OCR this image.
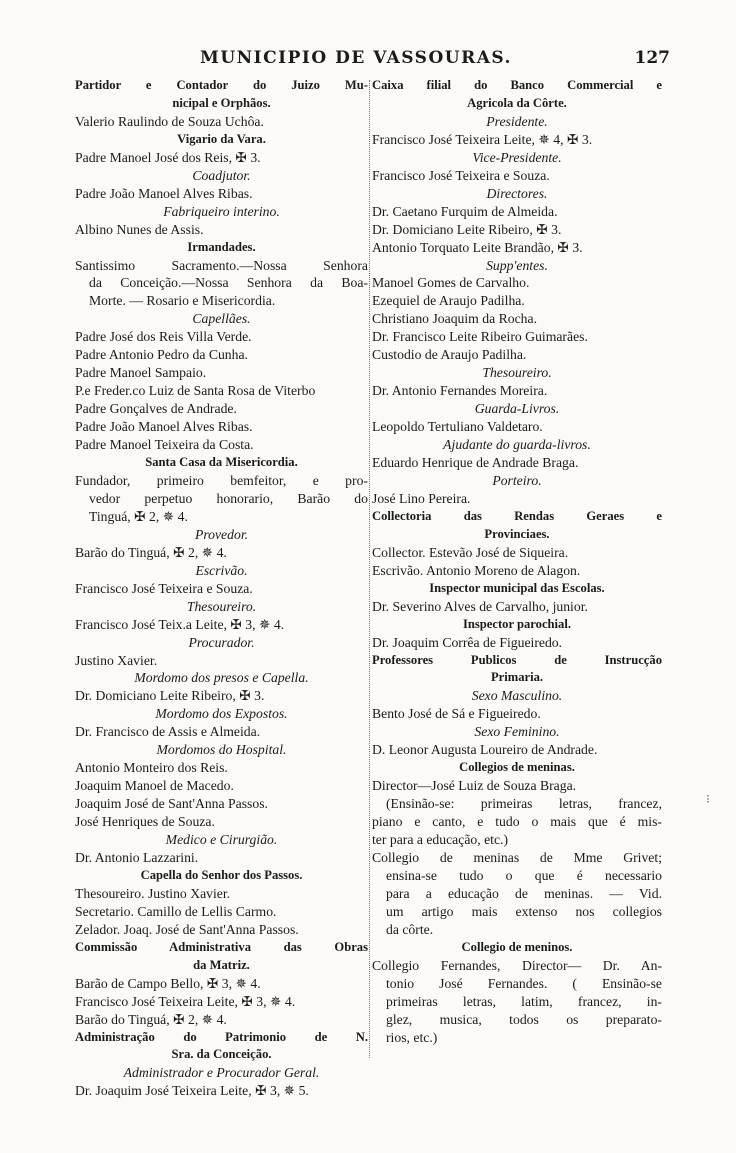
MUNICIPIO DE VASSOURAS.	127
Partidor e Contador do Juizo Mu-
nicipal e Orphãos.
Valerio Raulindo de Souza Uchôa.
Vigario da Vara.
Padre Manoel José dos Reis, ✠ 3.
Coadjutor.
Padre João Manoel Alves Ribas.
Fabriqueiro interino.
Albino Nunes de Assis.
Irmandades.
Santissimo Sacramento.—Nossa Senhora
da Conceição.—Nossa Senhora da Boa-
Morte. — Rosario e Misericordia.
Capellães.
Padre José dos Reis Villa Verde.
Padre Antonio Pedro da Cunha.
Padre Manoel Sampaio.
P.e Freder.co Luiz de Santa Rosa de Viterbo
Padre Gonçalves de Andrade.
Padre João Manoel Alves Ribas.
Padre Manoel Teixeira da Costa.
Santa Casa da Misericordia.
Fundador, primeiro bemfeitor, e pro-
vedor perpetuo honorario, Barão do
Tinguá, ✠ 2, ✵ 4.
Provedor.
Barão do Tinguá, ✠ 2, ✵ 4.
Escrivão.
Francisco José Teixeira e Souza.
Thesoureiro.
Francisco José Teix.a Leite, ✠ 3, ✵ 4.
Procurador.
Justino Xavier.
Mordomo dos presos e Capella.
Dr. Domiciano Leite Ribeiro, ✠ 3.
Mordomo dos Expostos.
Dr. Francisco de Assis e Almeida.
Mordomos do Hospital.
Antonio Monteiro dos Reis.
Joaquim Manoel de Macedo.
Joaquim José de Sant'Anna Passos.
José Henriques de Souza.
Medico e Cirurgião.
Dr. Antonio Lazzarini.
Capella do Senhor dos Passos.
Thesoureiro. Justino Xavier.
Secretario. Camillo de Lellis Carmo.
Zelador. Joaq. José de Sant'Anna Passos.
Commissão Administrativa das Obras
da Matriz.
Barão de Campo Bello, ✠ 3, ✵ 4.
Francisco José Teixeira Leite, ✠ 3, ✵ 4.
Barão do Tinguá, ✠ 2, ✵ 4.
Administração do Patrimonio de N.
Sra. da Conceição.
Administrador e Procurador Geral.
Dr. Joaquim José Teixeira Leite, ✠ 3, ✵ 5.
Caixa filial do Banco Commercial e
Agricola da Côrte.
Presidente.
Francisco José Teixeira Leite, ✵ 4, ✠ 3.
Vice-Presidente.
Francisco José Teixeira e Souza.
Directores.
Dr. Caetano Furquim de Almeida.
Dr. Domiciano Leite Ribeiro, ✠ 3.
Antonio Torquato Leite Brandão, ✠ 3.
Supp'entes.
Manoel Gomes de Carvalho.
Ezequiel de Araujo Padilha.
Christiano Joaquim da Rocha.
Dr. Francisco Leite Ribeiro Guimarães.
Custodio de Araujo Padilha.
Thesoureiro.
Dr. Antonio Fernandes Moreira.
Guarda-Livros.
Leopoldo Tertuliano Valdetaro.
Ajudante do guarda-livros.
Eduardo Henrique de Andrade Braga.
Porteiro.
José Lino Pereira.
Collectoria das Rendas Geraes e
Provinciaes.
Collector. Estevão José de Siqueira.
Escrivão. Antonio Moreno de Alagon.
Inspector municipal das Escolas.
Dr. Severino Alves de Carvalho, junior.
Inspector parochial.
Dr. Joaquim Corrêa de Figueiredo.
Professores Publicos de Instrucção
Primaria.
Sexo Masculino.
Bento José de Sá e Figueiredo.
Sexo Feminino.
D. Leonor Augusta Loureiro de Andrade.
Collegios de meninas.
Director—José Luiz de Souza Braga.
(Ensinão-se: primeiras letras, francez,
piano e canto, e tudo o mais que é mis-
ter para a educação, etc.)
Collegio de meninas de Mme Grivet;
ensina-se tudo o que é necessario
para a educação de meninas. — Vid.
um artigo mais extenso nos collegios
da côrte.
Collegio de meninos.
Collegio Fernandes, Director— Dr. An-
tonio José Fernandes. ( Ensinão-se
primeiras letras, latim, francez, in-
glez, musica, todos os preparato-
rios, etc.)
⁝
